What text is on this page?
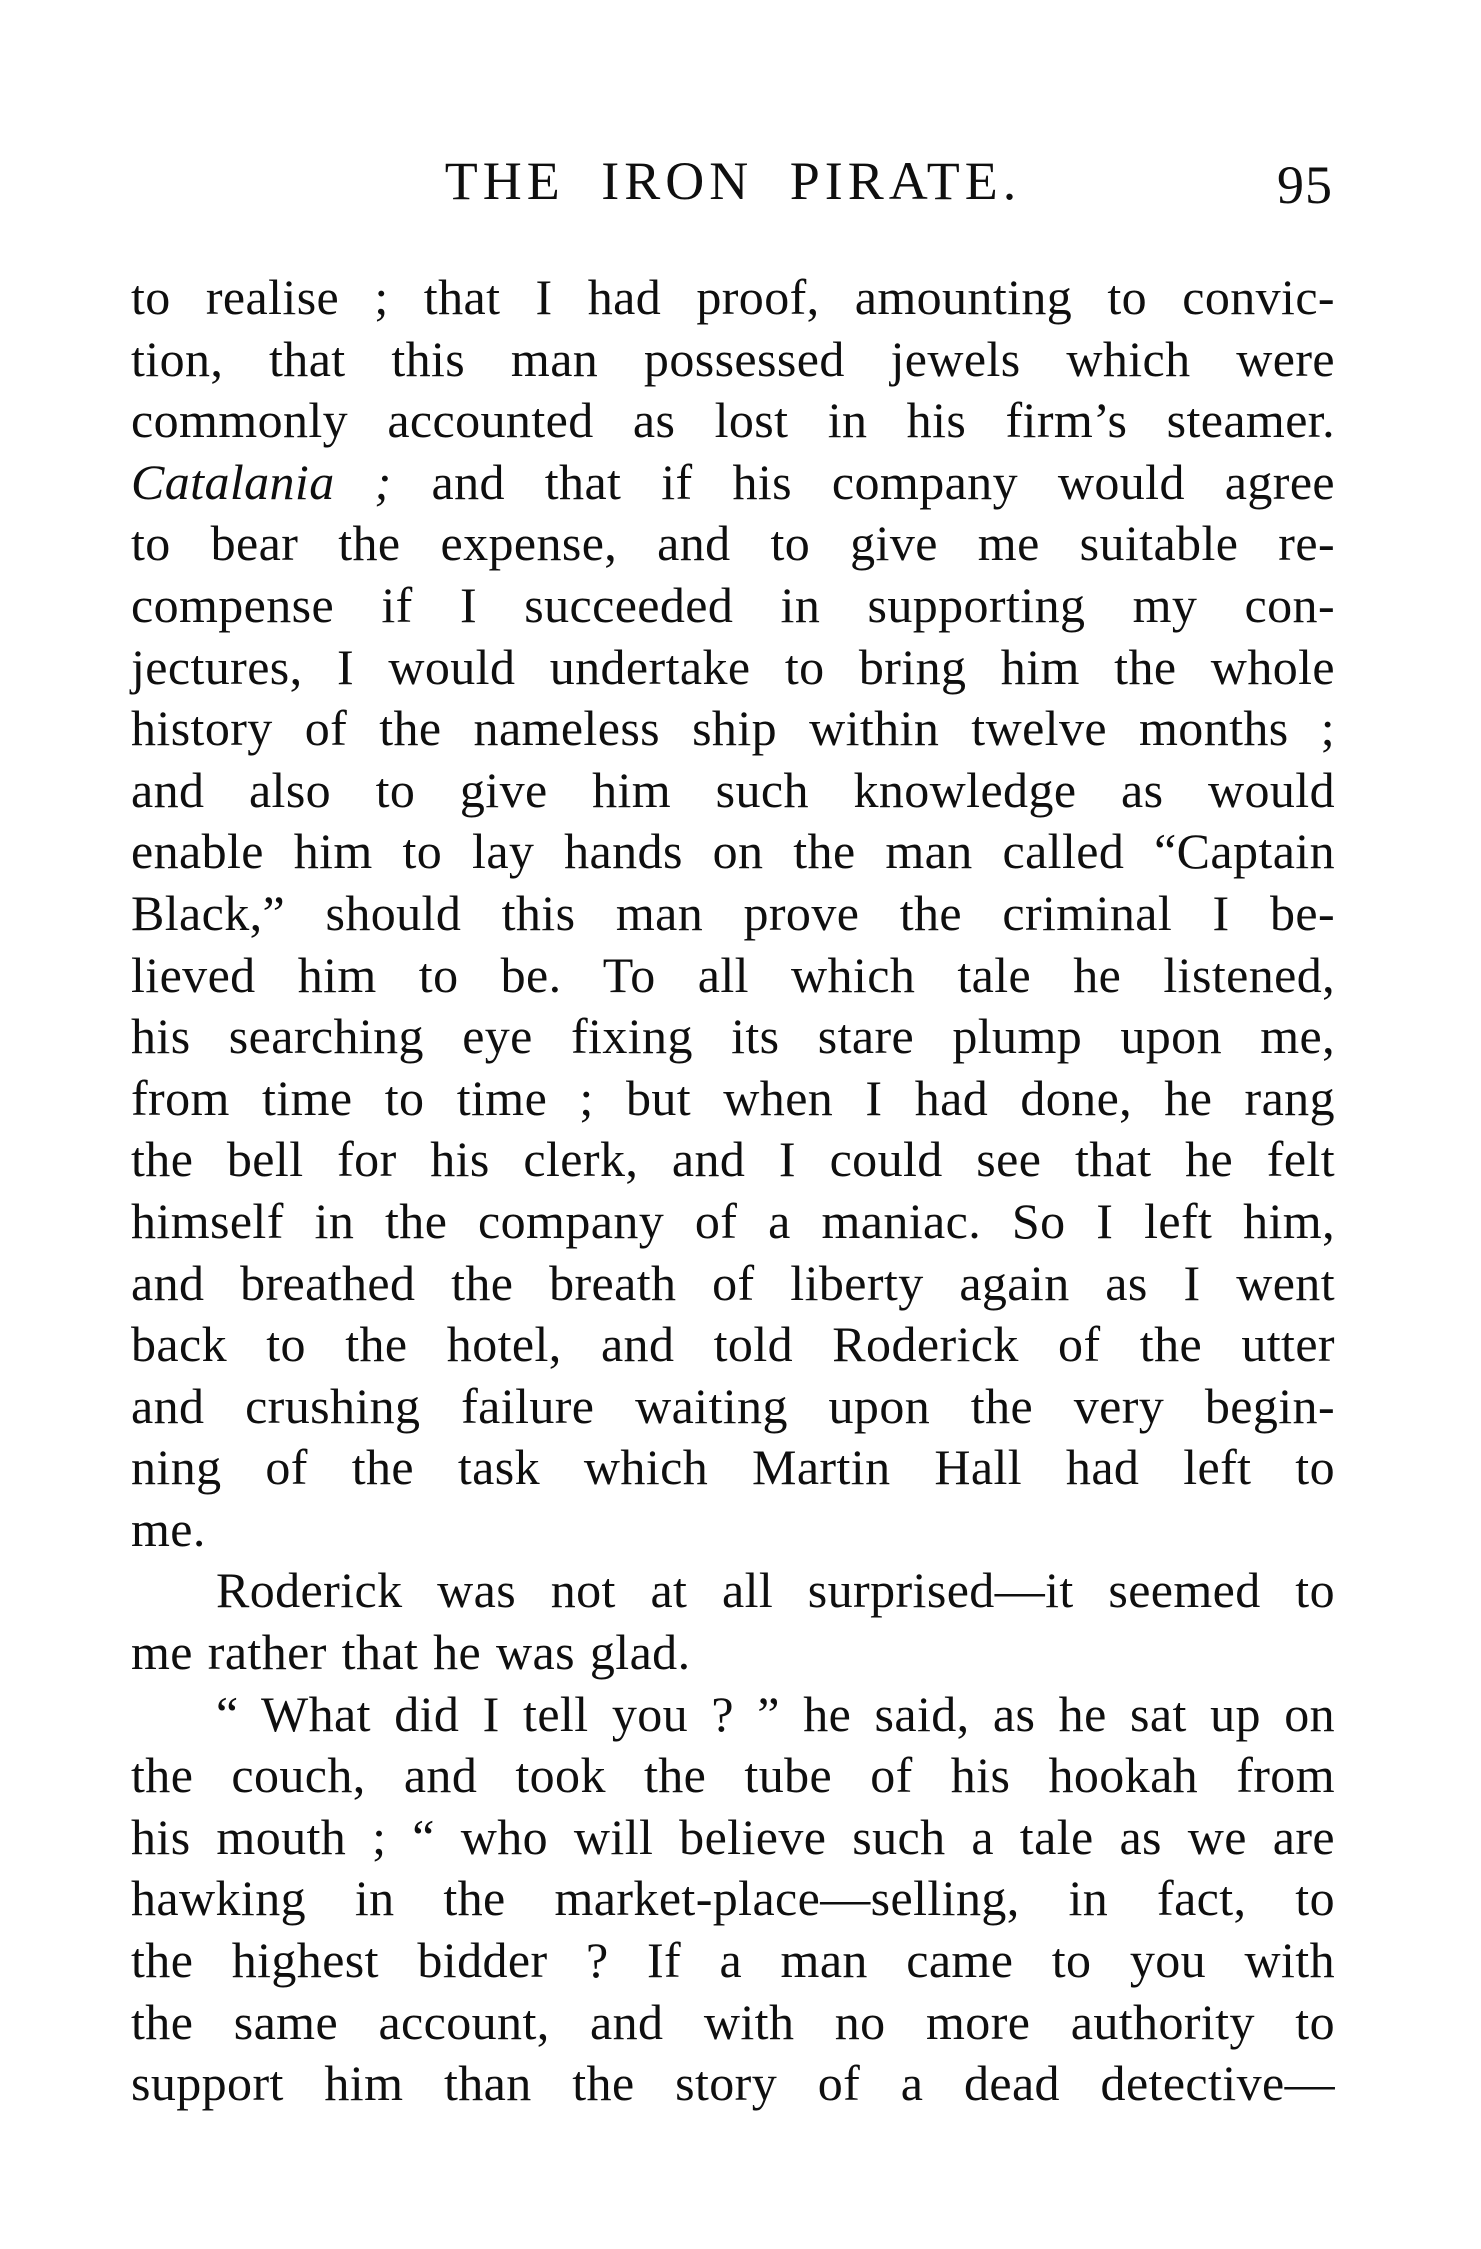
THE IRON PIRATE.	95
to realise ; that I had proof, amounting to convic-
tion, that this man possessed jewels which were
commonly accounted as lost in his firm’s steamer.
Catalania ; and that if his company would agree
to bear the expense, and to give me suitable re-
compense if I succeeded in supporting my con-
jectures, I would undertake to bring him the whole
history of the nameless ship within twelve months ;
and also to give him such knowledge as would
enable him to lay hands on the man called “Captain
Black,” should this man prove the criminal I be-
lieved him to be. To all which tale he listened,
his searching eye fixing its stare plump upon me,
from time to time ; but when I had done, he rang
the bell for his clerk, and I could see that he felt
himself in the company of a maniac. So I left him,
and breathed the breath of liberty again as I went
back to the hotel, and told Roderick of the utter
and crushing failure waiting upon the very begin-
ning of the task which Martin Hall had left to
me.
Roderick was not at all surprised—it seemed to
me rather that he was glad.
“ What did I tell you ? ” he said, as he sat up on
the couch, and took the tube of his hookah from
his mouth ; “ who will believe such a tale as we are
hawking in the market-place—selling, in fact, to
the highest bidder ? If a man came to you with
the same account, and with no more authority to
support him than the story of a dead detective—
